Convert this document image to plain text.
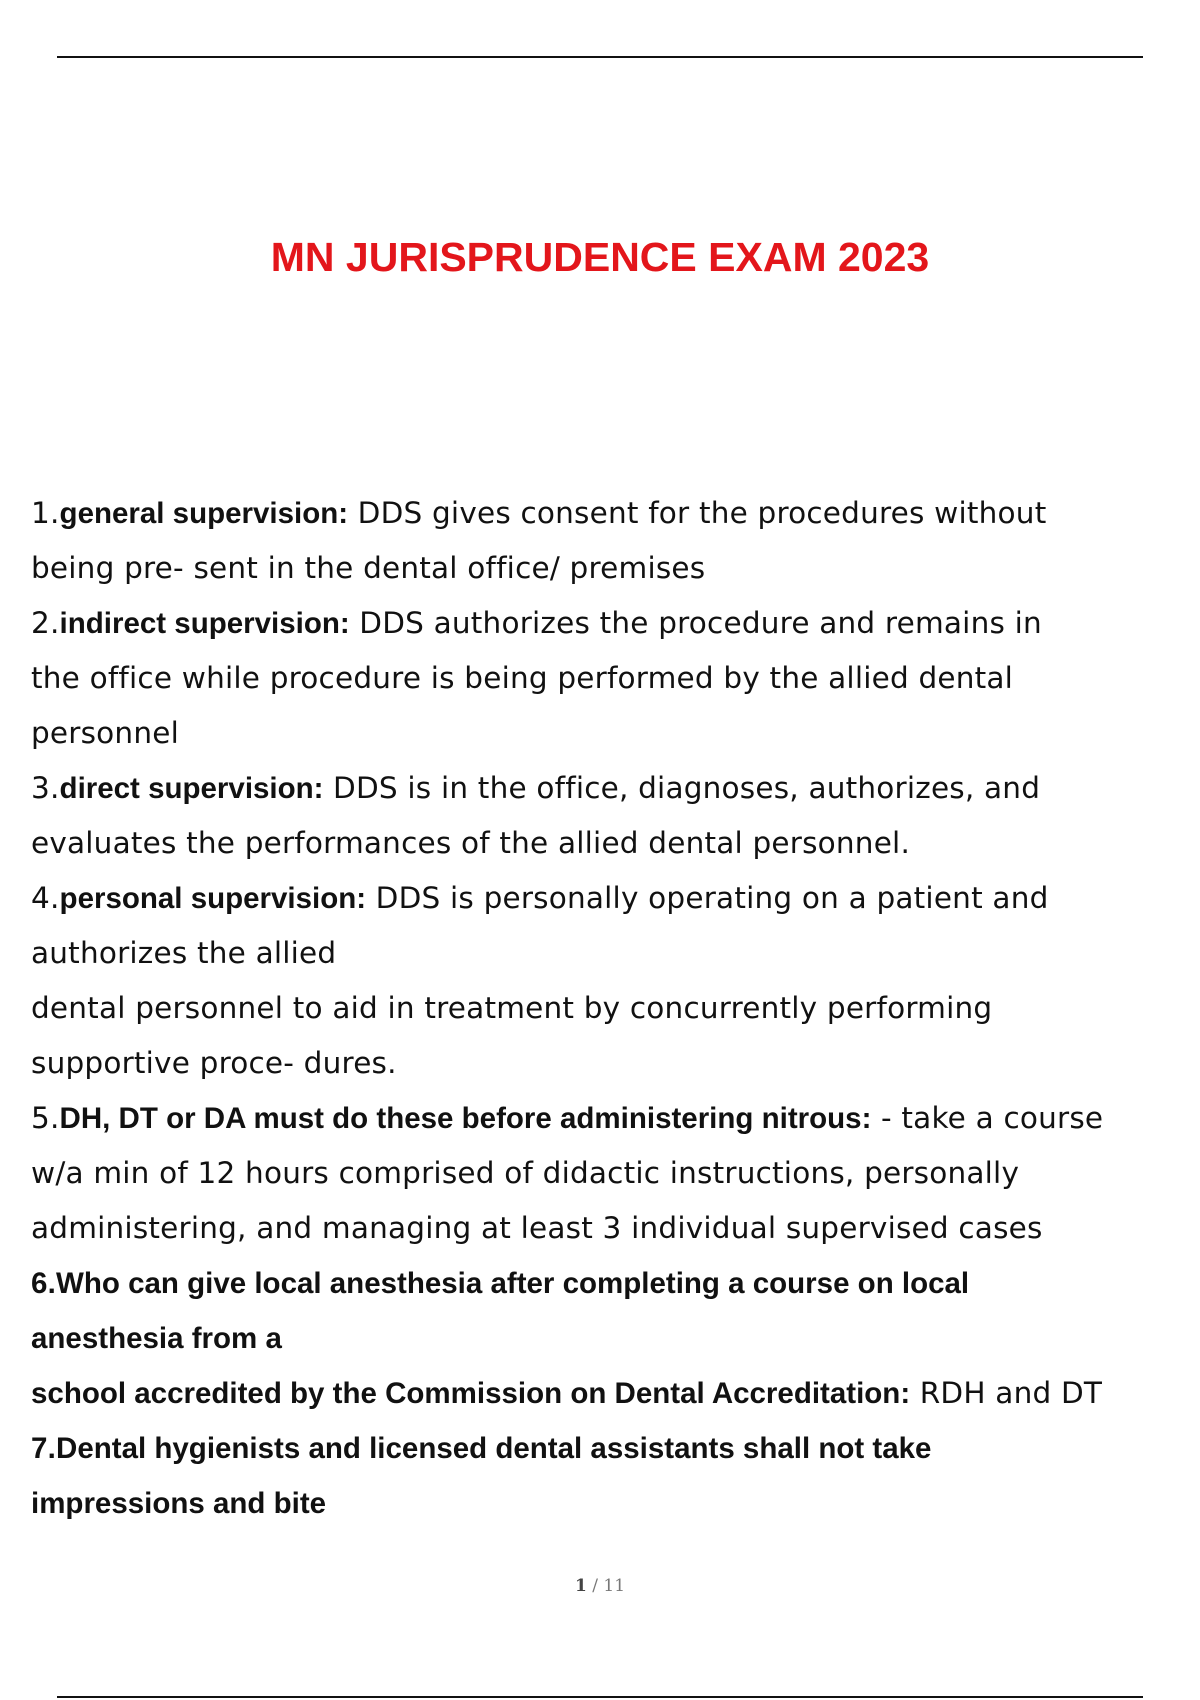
MN JURISPRUDENCE EXAM 2023
1.general supervision: DDS gives consent for the procedures without
being pre- sent in the dental office/ premises
2.indirect supervision: DDS authorizes the procedure and remains in
the office while procedure is being performed by the allied dental
personnel
3.direct supervision: DDS is in the office, diagnoses, authorizes, and
evaluates the performances of the allied dental personnel.
4.personal supervision: DDS is personally operating on a patient and
authorizes the allied
dental personnel to aid in treatment by concurrently performing
supportive proce- dures.
5.DH, DT or DA must do these before administering nitrous: - take a course
w/a min of 12 hours comprised of didactic instructions, personally
administering, and managing at least 3 individual supervised cases
6.Who can give local anesthesia after completing a course on local
anesthesia from a
school accredited by the Commission on Dental Accreditation: RDH and DT
7.Dental hygienists and licensed dental assistants shall not take
impressions and bite
1 / 11
